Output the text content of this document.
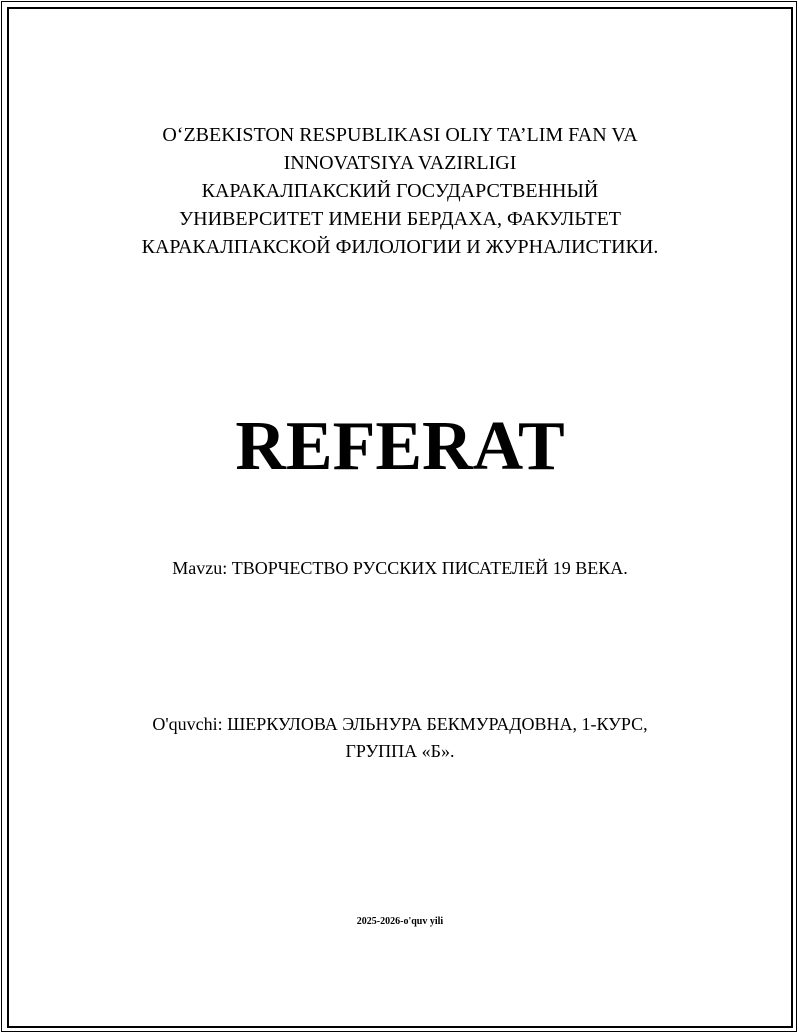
O‘ZBEKISTON RESPUBLIKASI OLIY TA’LIM FAN VA
INNOVATSIYA VAZIRLIGI
КАРАКАЛПАКСКИЙ ГОСУДАРСТВЕННЫЙ
УНИВЕРСИТЕТ ИМЕНИ БЕРДАХА, ФАКУЛЬТЕТ
КАРАКАЛПАКСКОЙ ФИЛОЛОГИИ И ЖУРНАЛИСТИКИ.
REFERAT
Mavzu: ТВОРЧЕСТВО РУССКИХ ПИСАТЕЛЕЙ 19 ВЕКА.
O'quvchi: ШЕРКУЛОВА ЭЛЬНУРА БЕКМУРАДОВНА, 1-КУРС,
ГРУППА «Б».
2025-2026-o'quv yili
